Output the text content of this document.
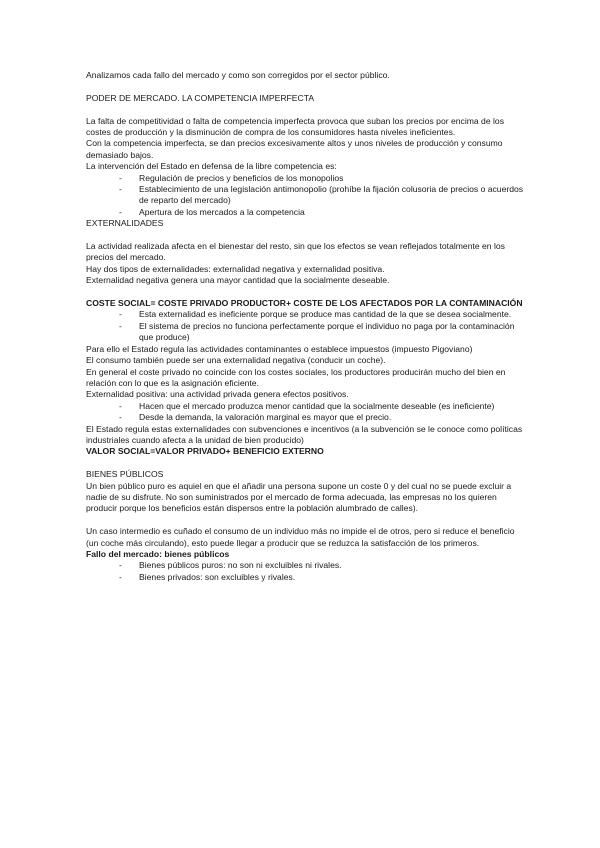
Analizamos cada fallo del mercado y como son corregidos por el sector público.

PODER DE MERCADO. LA COMPETENCIA IMPERFECTA

La falta de competitividad o falta de competencia imperfecta provoca que suban los precios por encima de los costes de producción y la disminución de compra de los consumidores hasta niveles ineficientes.

Con la competencia imperfecta, se dan precios excesivamente altos y unos niveles de producción y consumo demasiado bajos.

La intervención del Estado en defensa de la libre competencia es:

- Regulación de precios y beneficios de los monopolios
- Establecimiento de una legislación antimonopolio (prohíbe la fijación colusoria de precios o acuerdos de reparto del mercado)
- Apertura de los mercados a la competencia

EXTERNALIDADES

La actividad realizada afecta en el bienestar del resto, sin que los efectos se vean reflejados totalmente en los precios del mercado.

Hay dos tipos de externalidades: externalidad negativa y externalidad positiva.

Externalidad negativa genera una mayor cantidad que la socialmente deseable.

COSTE SOCIAL= COSTE PRIVADO PRODUCTOR+ COSTE DE LOS AFECTADOS POR LA CONTAMINACIÓN

- Esta externalidad es ineficiente porque se produce mas cantidad de la que se desea socialmente.
- El sistema de precios no funciona perfectamente porque el individuo no paga por la contaminación que produce)

Para ello el Estado regula las actividades contaminantes o establece impuestos (impuesto Pigoviano)

El consumo también puede ser una externalidad negativa (conducir un coche).

En general el coste privado no coincide con los costes sociales, los productores producirán mucho del bien en relación con lo que es la asignación eficiente.

Externalidad positiva: una actividad privada genera efectos positivos.

- Hacen que el mercado produzca menor cantidad que la socialmente deseable (es ineficiente)
- Desde la demanda, la valoración marginal es mayor que el precio.

El Estado regula estas externalidades con subvenciones e incentivos (a la subvención se le conoce como políticas industriales cuando afecta a la unidad de bien producido)

VALOR SOCIAL=VALOR PRIVADO+ BENEFICIO EXTERNO

BIENES PÚBLICOS

Un bien público puro es aquiel en que el añadir una persona supone un coste 0 y del cual no se puede excluir a nadie de su disfrute. No son suministrados por el mercado de forma adecuada, las empresas no los quieren producir porque los beneficios están dispersos entre la población alumbrado de calles).

Un caso intermedio es cuñado el consumo de un individuo más no impide el de otros, pero si reduce el beneficio (un coche más circulando), esto puede llegar a producir que se reduzca la satisfacción de los primeros.

Fallo del mercado: bienes públicos

- Bienes públicos puros: no son ni excluibles ni rivales.
- Bienes privados: son excluibles y rivales.
